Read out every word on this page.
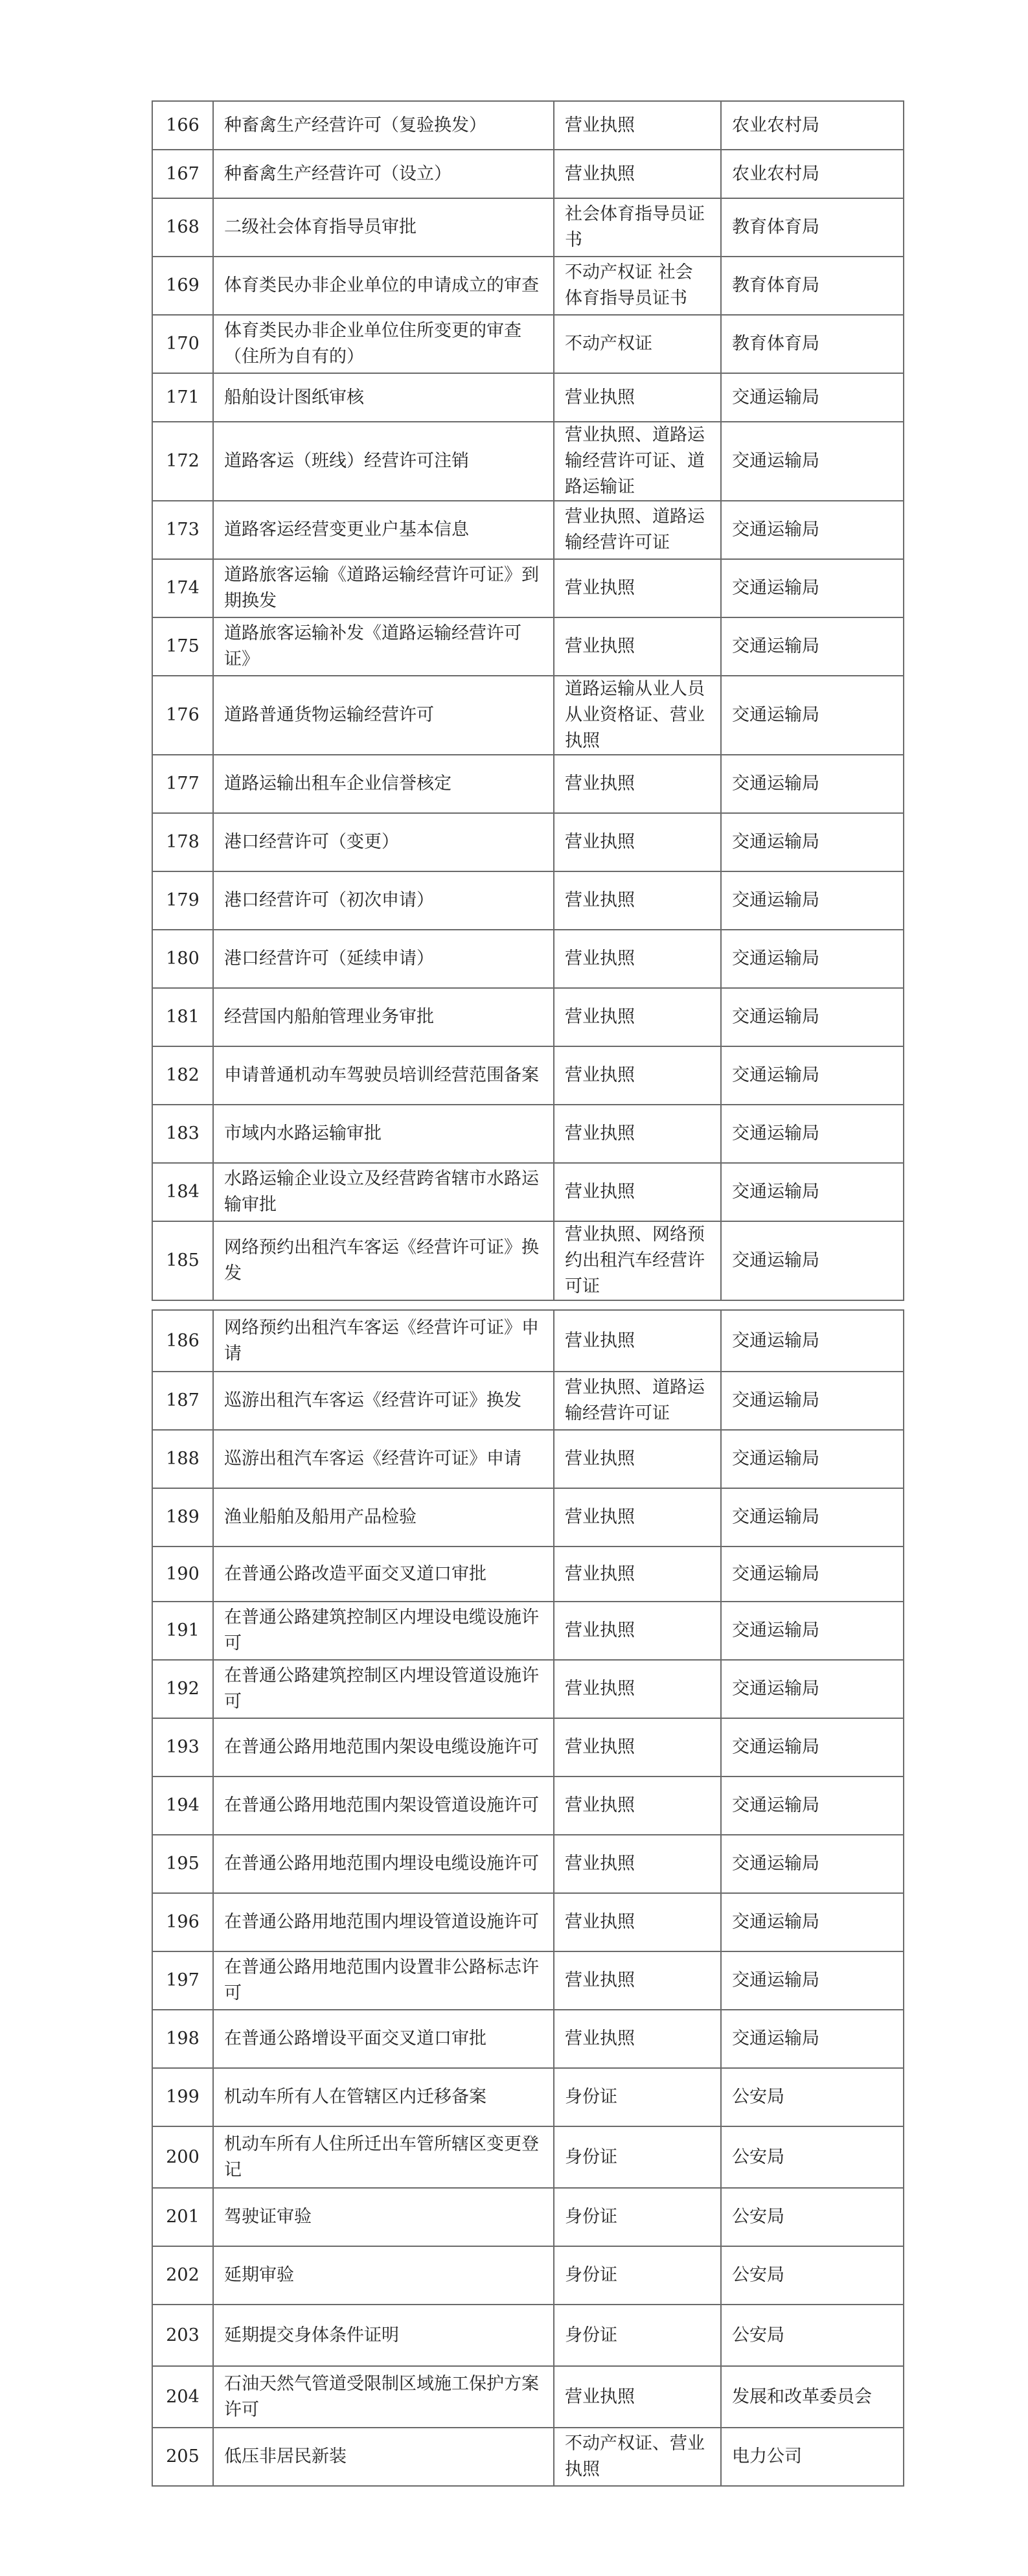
166	种畜禽生产经营许可（复验换发）	营业执照	农业农村局
167	种畜禽生产经营许可（设立）	营业执照	农业农村局
168	二级社会体育指导员审批	社会体育指导员证书	教育体育局
169	体育类民办非企业单位的申请成立的审查	不动产权证 社会体育指导员证书	教育体育局
170	体育类民办非企业单位住所变更的审查（住所为自有的）	不动产权证	教育体育局
171	船舶设计图纸审核	营业执照	交通运输局
172	道路客运（班线）经营许可注销	营业执照、道路运输经营许可证、道路运输证	交通运输局
173	道路客运经营变更业户基本信息	营业执照、道路运输经营许可证	交通运输局
174	道路旅客运输《道路运输经营许可证》到期换发	营业执照	交通运输局
175	道路旅客运输补发《道路运输经营许可证》	营业执照	交通运输局
176	道路普通货物运输经营许可	道路运输从业人员从业资格证、营业执照	交通运输局
177	道路运输出租车企业信誉核定	营业执照	交通运输局
178	港口经营许可（变更）	营业执照	交通运输局
179	港口经营许可（初次申请）	营业执照	交通运输局
180	港口经营许可（延续申请）	营业执照	交通运输局
181	经营国内船舶管理业务审批	营业执照	交通运输局
182	申请普通机动车驾驶员培训经营范围备案	营业执照	交通运输局
183	市域内水路运输审批	营业执照	交通运输局
184	水路运输企业设立及经营跨省辖市水路运输审批	营业执照	交通运输局
185	网络预约出租汽车客运《经营许可证》换发	营业执照、网络预约出租汽车经营许可证	交通运输局
186	网络预约出租汽车客运《经营许可证》申请	营业执照	交通运输局
187	巡游出租汽车客运《经营许可证》换发	营业执照、道路运输经营许可证	交通运输局
188	巡游出租汽车客运《经营许可证》申请	营业执照	交通运输局
189	渔业船舶及船用产品检验	营业执照	交通运输局
190	在普通公路改造平面交叉道口审批	营业执照	交通运输局
191	在普通公路建筑控制区内埋设电缆设施许可	营业执照	交通运输局
192	在普通公路建筑控制区内埋设管道设施许可	营业执照	交通运输局
193	在普通公路用地范围内架设电缆设施许可	营业执照	交通运输局
194	在普通公路用地范围内架设管道设施许可	营业执照	交通运输局
195	在普通公路用地范围内埋设电缆设施许可	营业执照	交通运输局
196	在普通公路用地范围内埋设管道设施许可	营业执照	交通运输局
197	在普通公路用地范围内设置非公路标志许可	营业执照	交通运输局
198	在普通公路增设平面交叉道口审批	营业执照	交通运输局
199	机动车所有人在管辖区内迁移备案	身份证	公安局
200	机动车所有人住所迁出车管所辖区变更登记	身份证	公安局
201	驾驶证审验	身份证	公安局
202	延期审验	身份证	公安局
203	延期提交身体条件证明	身份证	公安局
204	石油天然气管道受限制区域施工保护方案许可	营业执照	发展和改革委员会
205	低压非居民新装	不动产权证、营业执照	电力公司
